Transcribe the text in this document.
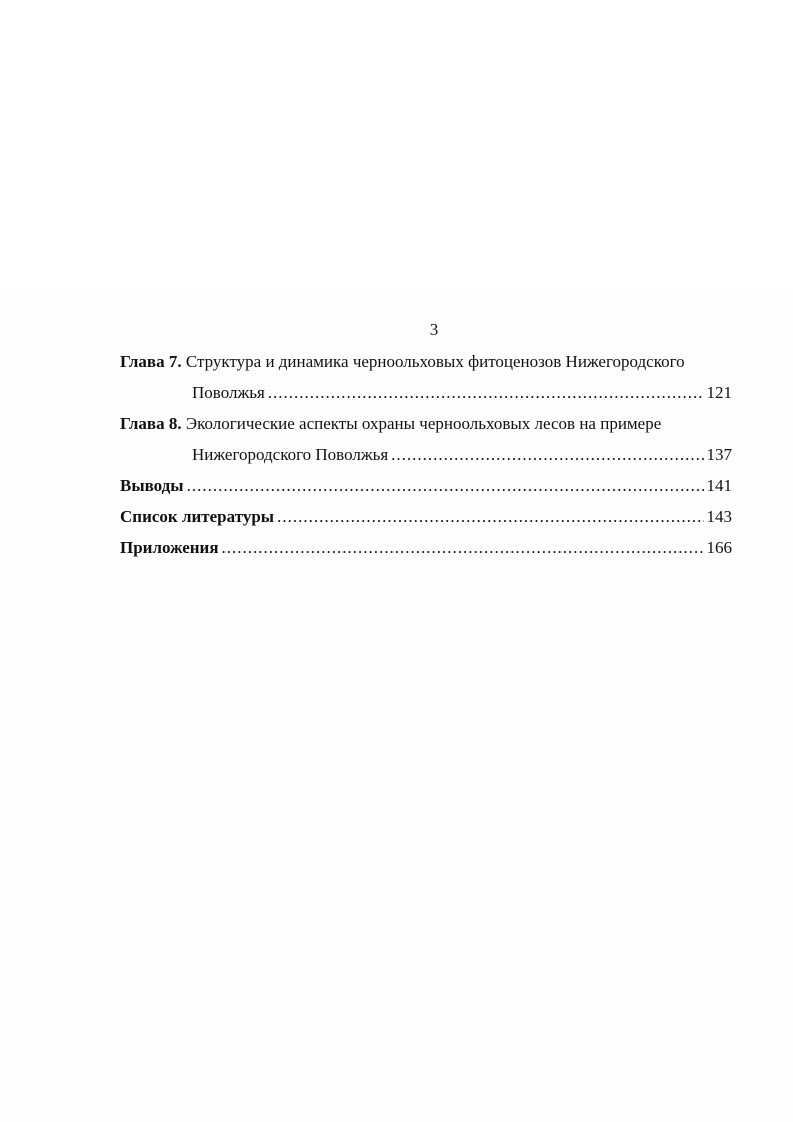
3
Глава 7. Структура и динамика черноольховых фитоценозов Нижегородского
Поволжья .....	121
Глава 8. Экологические аспекты охраны черноольховых лесов на примере
Нижегородского Поволжья .....	137
Выводы .....	141
Список литературы .....	143
Приложения .....	166
